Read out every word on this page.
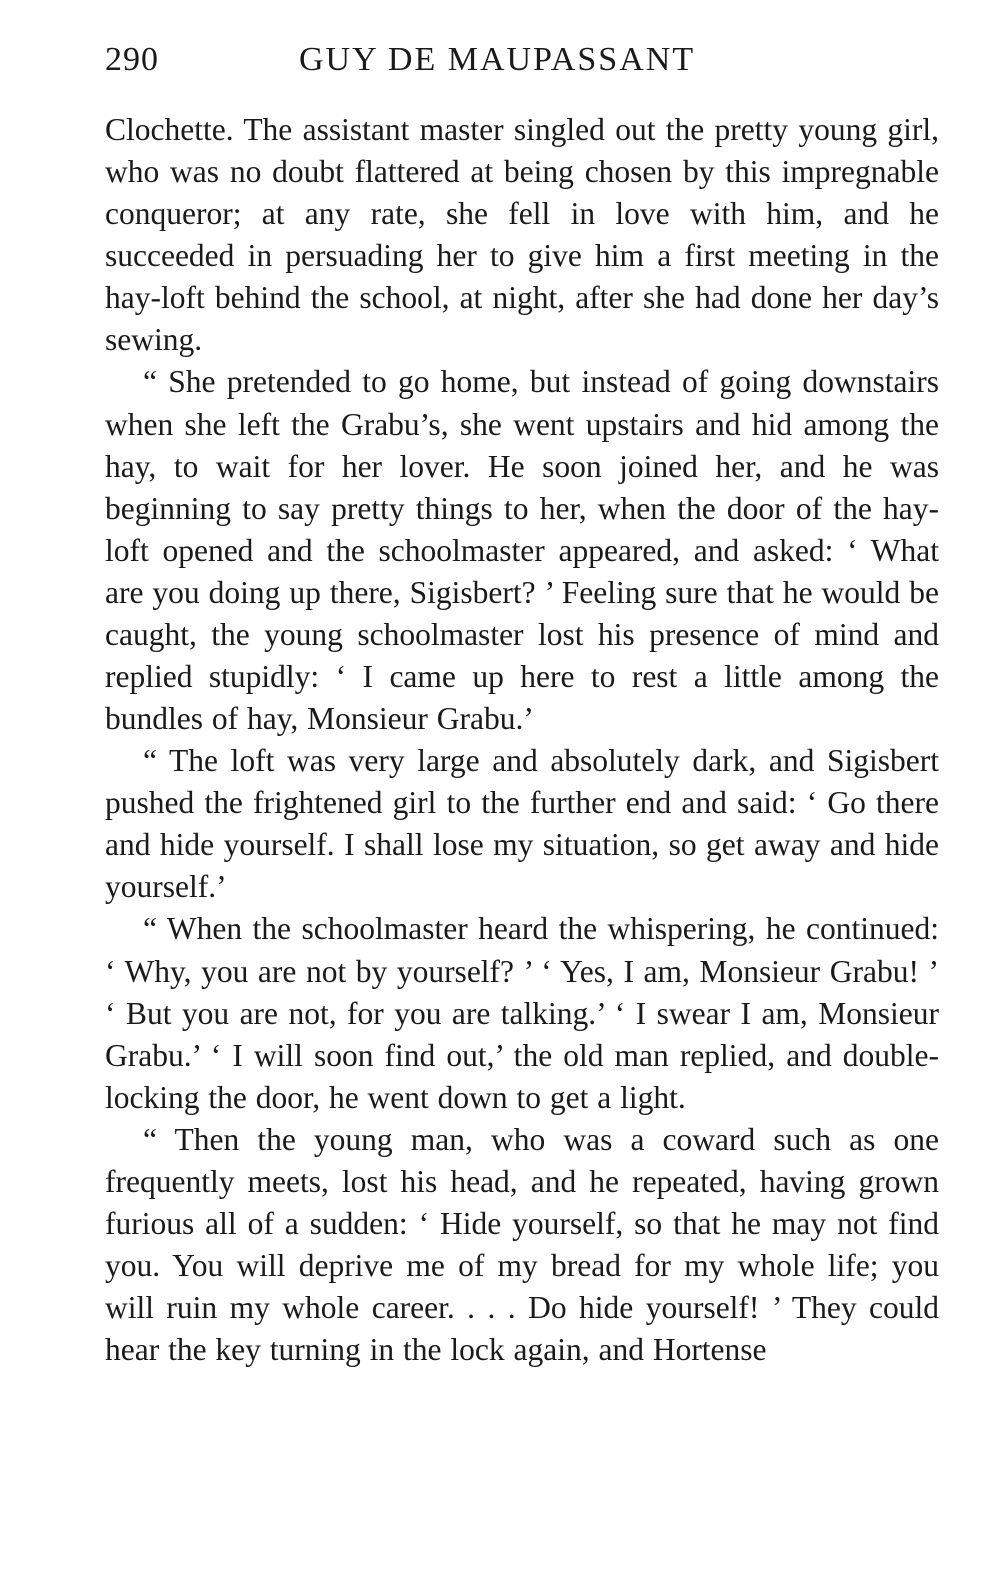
290	GUY DE MAUPASSANT

Clochette. The assistant master singled out the pretty young girl, who was no doubt flattered at being chosen by this impregnable conqueror; at any rate, she fell in love with him, and he succeeded in persuading her to give him a first meeting in the hay-loft behind the school, at night, after she had done her day’s sewing.

“ She pretended to go home, but instead of going downstairs when she left the Grabu’s, she went upstairs and hid among the hay, to wait for her lover. He soon joined her, and he was beginning to say pretty things to her, when the door of the hay-loft opened and the schoolmaster appeared, and asked: ‘ What are you doing up there, Sigisbert? ’ Feeling sure that he would be caught, the young schoolmaster lost his presence of mind and replied stupidly: ‘ I came up here to rest a little among the bundles of hay, Monsieur Grabu.’

“ The loft was very large and absolutely dark, and Sigisbert pushed the frightened girl to the further end and said: ‘ Go there and hide yourself. I shall lose my situation, so get away and hide yourself.’

“ When the schoolmaster heard the whispering, he continued: ‘ Why, you are not by yourself? ’ ‘ Yes, I am, Monsieur Grabu! ’ ‘ But you are not, for you are talking.’ ‘ I swear I am, Monsieur Grabu.’ ‘ I will soon find out,’ the old man replied, and double-locking the door, he went down to get a light.

“ Then the young man, who was a coward such as one frequently meets, lost his head, and he repeated, having grown furious all of a sudden: ‘ Hide yourself, so that he may not find you. You will deprive me of my bread for my whole life; you will ruin my whole career. . . . Do hide yourself! ’ They could hear the key turning in the lock again, and Hortense
